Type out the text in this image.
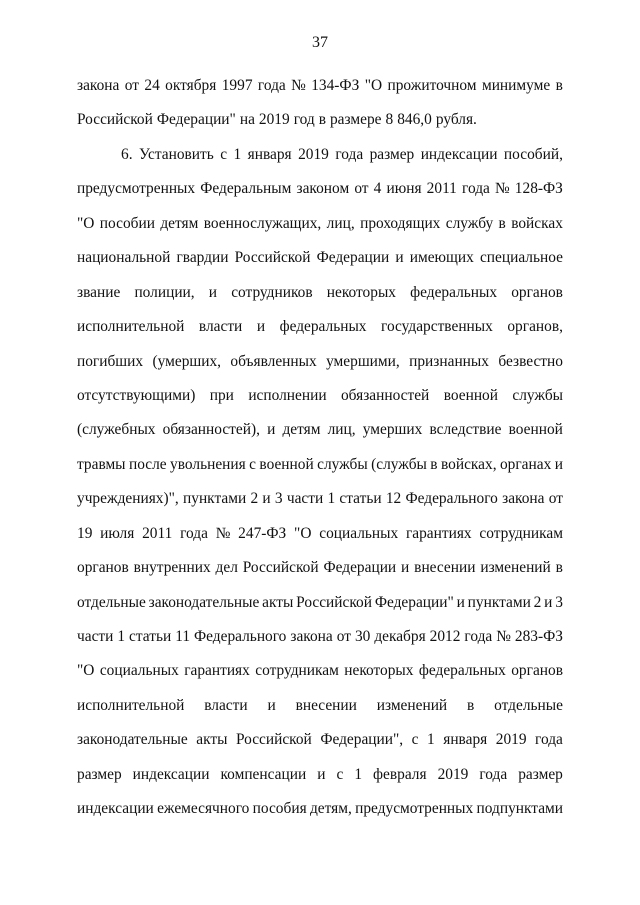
37
закона от 24 октября 1997 года № 134-ФЗ "О прожиточном минимуме в
Российской Федерации" на 2019 год в размере 8 846,0 рубля.
6. Установить с 1 января 2019 года размер индексации пособий,
предусмотренных Федеральным законом от 4 июня 2011 года № 128-ФЗ
"О пособии детям военнослужащих, лиц, проходящих службу в войсках
национальной гвардии Российской Федерации и имеющих специальное
звание полиции, и сотрудников некоторых федеральных органов
исполнительной власти и федеральных государственных органов,
погибших (умерших, объявленных умершими, признанных безвестно
отсутствующими) при исполнении обязанностей военной службы
(служебных обязанностей), и детям лиц, умерших вследствие военной
травмы после увольнения с военной службы (службы в войсках, органах и
учреждениях)", пунктами 2 и 3 части 1 статьи 12 Федерального закона от
19 июля 2011 года № 247-ФЗ "О социальных гарантиях сотрудникам
органов внутренних дел Российской Федерации и внесении изменений в
отдельные законодательные акты Российской Федерации" и пунктами 2 и 3
части 1 статьи 11 Федерального закона от 30 декабря 2012 года № 283-ФЗ
"О социальных гарантиях сотрудникам некоторых федеральных органов
исполнительной власти и внесении изменений в отдельные
законодательные акты Российской Федерации", с 1 января 2019 года
размер индексации компенсации и с 1 февраля 2019 года размер
индексации ежемесячного пособия детям, предусмотренных подпунктами
